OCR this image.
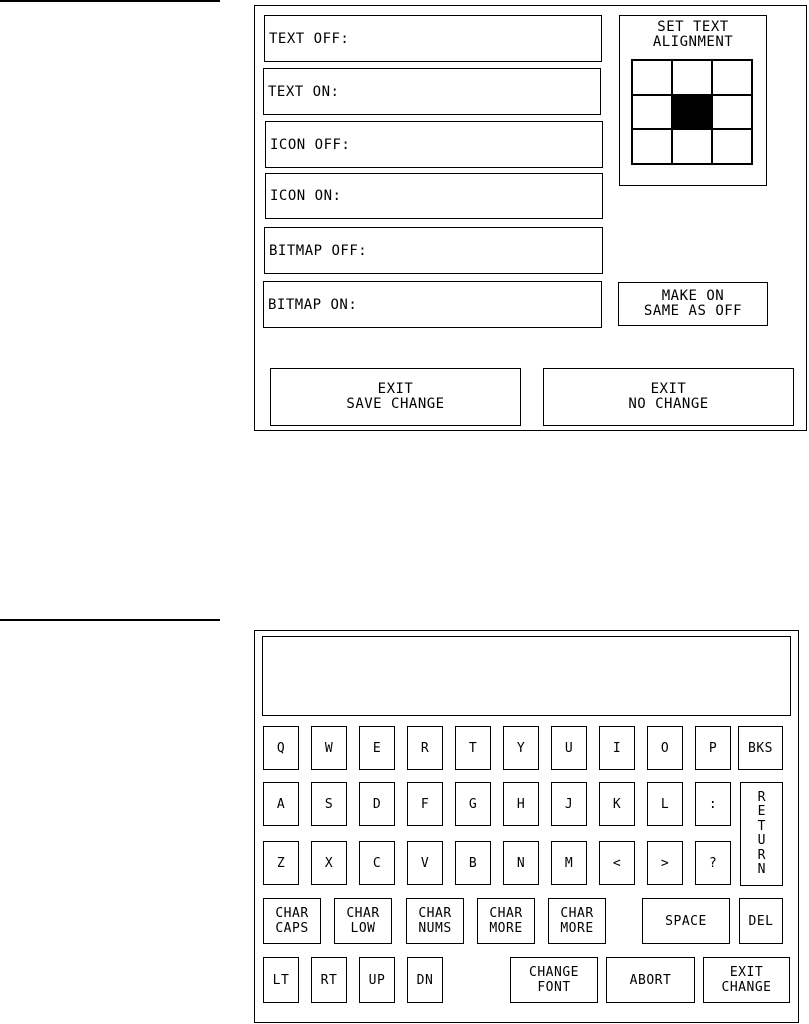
TEXT OFF:
TEXT ON:
ICON OFF:
ICON ON:
BITMAP OFF:
BITMAP ON:
SET TEXT
ALIGNMENT
MAKE ON
SAME AS OFF
EXIT
SAVE CHANGE
EXIT
NO CHANGE
Q	W	E	R	T	Y	U	I	O	P	BKS
A	S	D	F	G	H	J	K	L	:
Z	X	C	V	B	N	M	<	>	?
CHAR
CAPS
CHAR
LOW
CHAR
NUMS
CHAR
MORE
CHAR
MORE
LT	RT	UP	DN
R
E
T
U
R
N
SPACE	DEL
CHANGE
FONT	ABORT	EXIT
CHANGE
